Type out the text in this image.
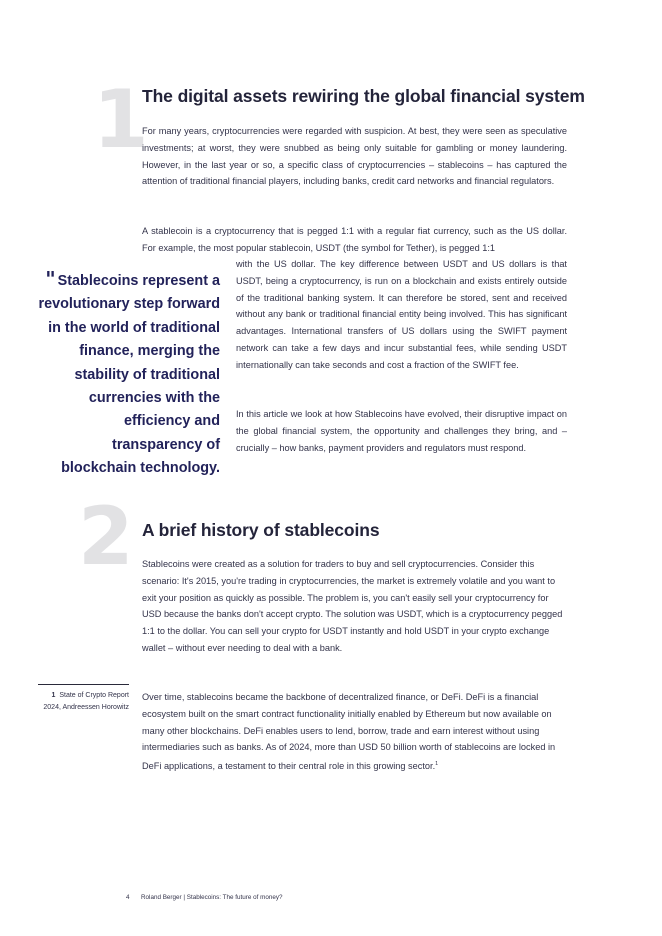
1
The digital assets rewiring the global financial system

For many years, cryptocurrencies were regarded with suspicion. At best, they were seen as speculative investments; at worst, they were snubbed as being only suitable for gambling or money laundering. However, in the last year or so, a specific class of cryptocurrencies – stablecoins – has captured the attention of traditional financial players, including banks, credit card networks and financial regulators.

A stablecoin is a cryptocurrency that is pegged 1:1 with a regular fiat currency, such as the US dollar. For example, the most popular stablecoin, USDT (the symbol for Tether), is pegged 1:1

with the US dollar. The key difference between USDT and US dollars is that USDT, being a cryptocurrency, is run on a blockchain and exists entirely outside of the traditional banking system. It can therefore be stored, sent and received without any bank or traditional financial entity being involved. This has significant advantages. International transfers of US dollars using the SWIFT payment network can take a few days and incur substantial fees, while sending USDT internationally can take seconds and cost a fraction of the SWIFT fee.

In this article we look at how Stablecoins have evolved, their disruptive impact on the global financial system, the opportunity and challenges they bring, and – crucially – how banks, payment providers and regulators must respond.

" Stablecoins represent a revolutionary step forward in the world of traditional finance, merging the stability of traditional currencies with the efficiency and transparency of blockchain technology.
2 A brief history of stablecoins

Stablecoins were created as a solution for traders to buy and sell cryptocurrencies. Consider this scenario: It's 2015, you're trading in cryptocurrencies, the market is extremely volatile and you want to exit your position as quickly as possible. The problem is, you can't easily sell your cryptocurrency for USD because the banks don't accept crypto. The solution was USDT, which is a cryptocurrency pegged 1:1 to the dollar. You can sell your crypto for USDT instantly and hold USDT in your crypto exchange wallet – without ever needing to deal with a bank.

Over time, stablecoins became the backbone of decentralized finance, or DeFi. DeFi is a financial ecosystem built on the smart contract functionality initially enabled by Ethereum but now available on many other blockchains. DeFi enables users to lend, borrow, trade and earn interest without using intermediaries such as banks. As of 2024, more than USD 50 billion worth of stablecoins are locked in DeFi applications, a testament to their central role in this growing sector.$^1$

1 State of Crypto Report 2024, Andreessen Horowitz
4 Roland Berger | Stablecoins: The future of money?
